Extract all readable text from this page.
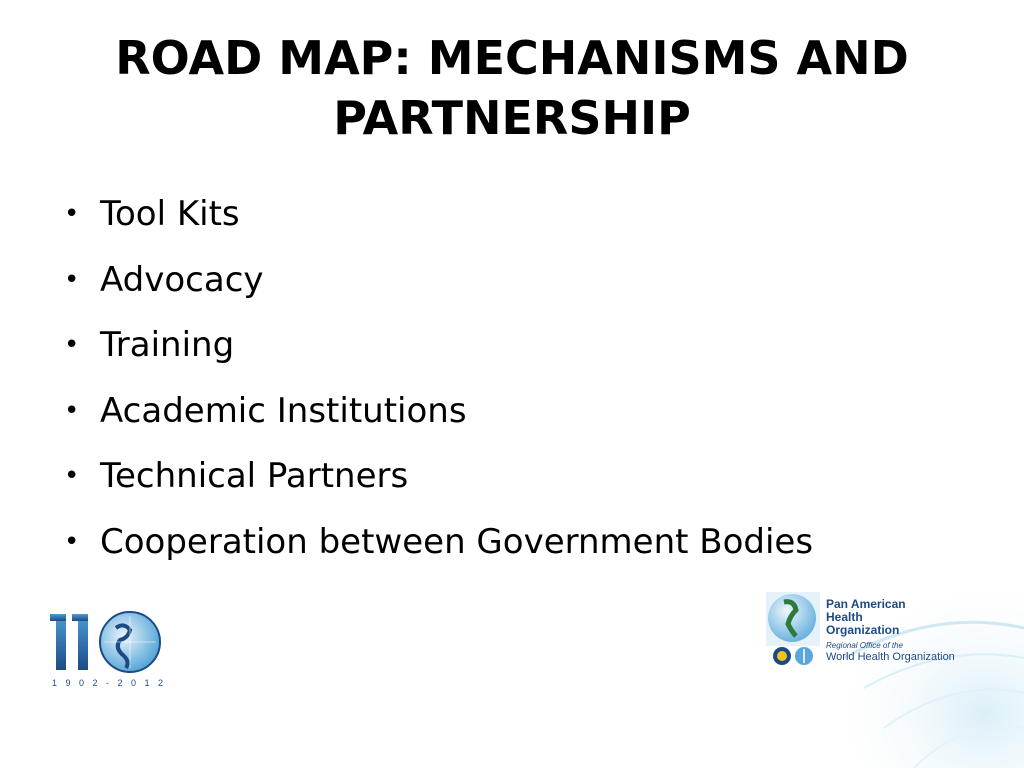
ROAD MAP: MECHANISMS AND PARTNERSHIP
• Tool Kits
• Advocacy
• Training
• Academic Institutions
• Technical Partners
• Cooperation between Government Bodies
1 9 0 2 - 2 0 1 2
Pan American
Health
Organization
Regional Office of the
World Health Organization
